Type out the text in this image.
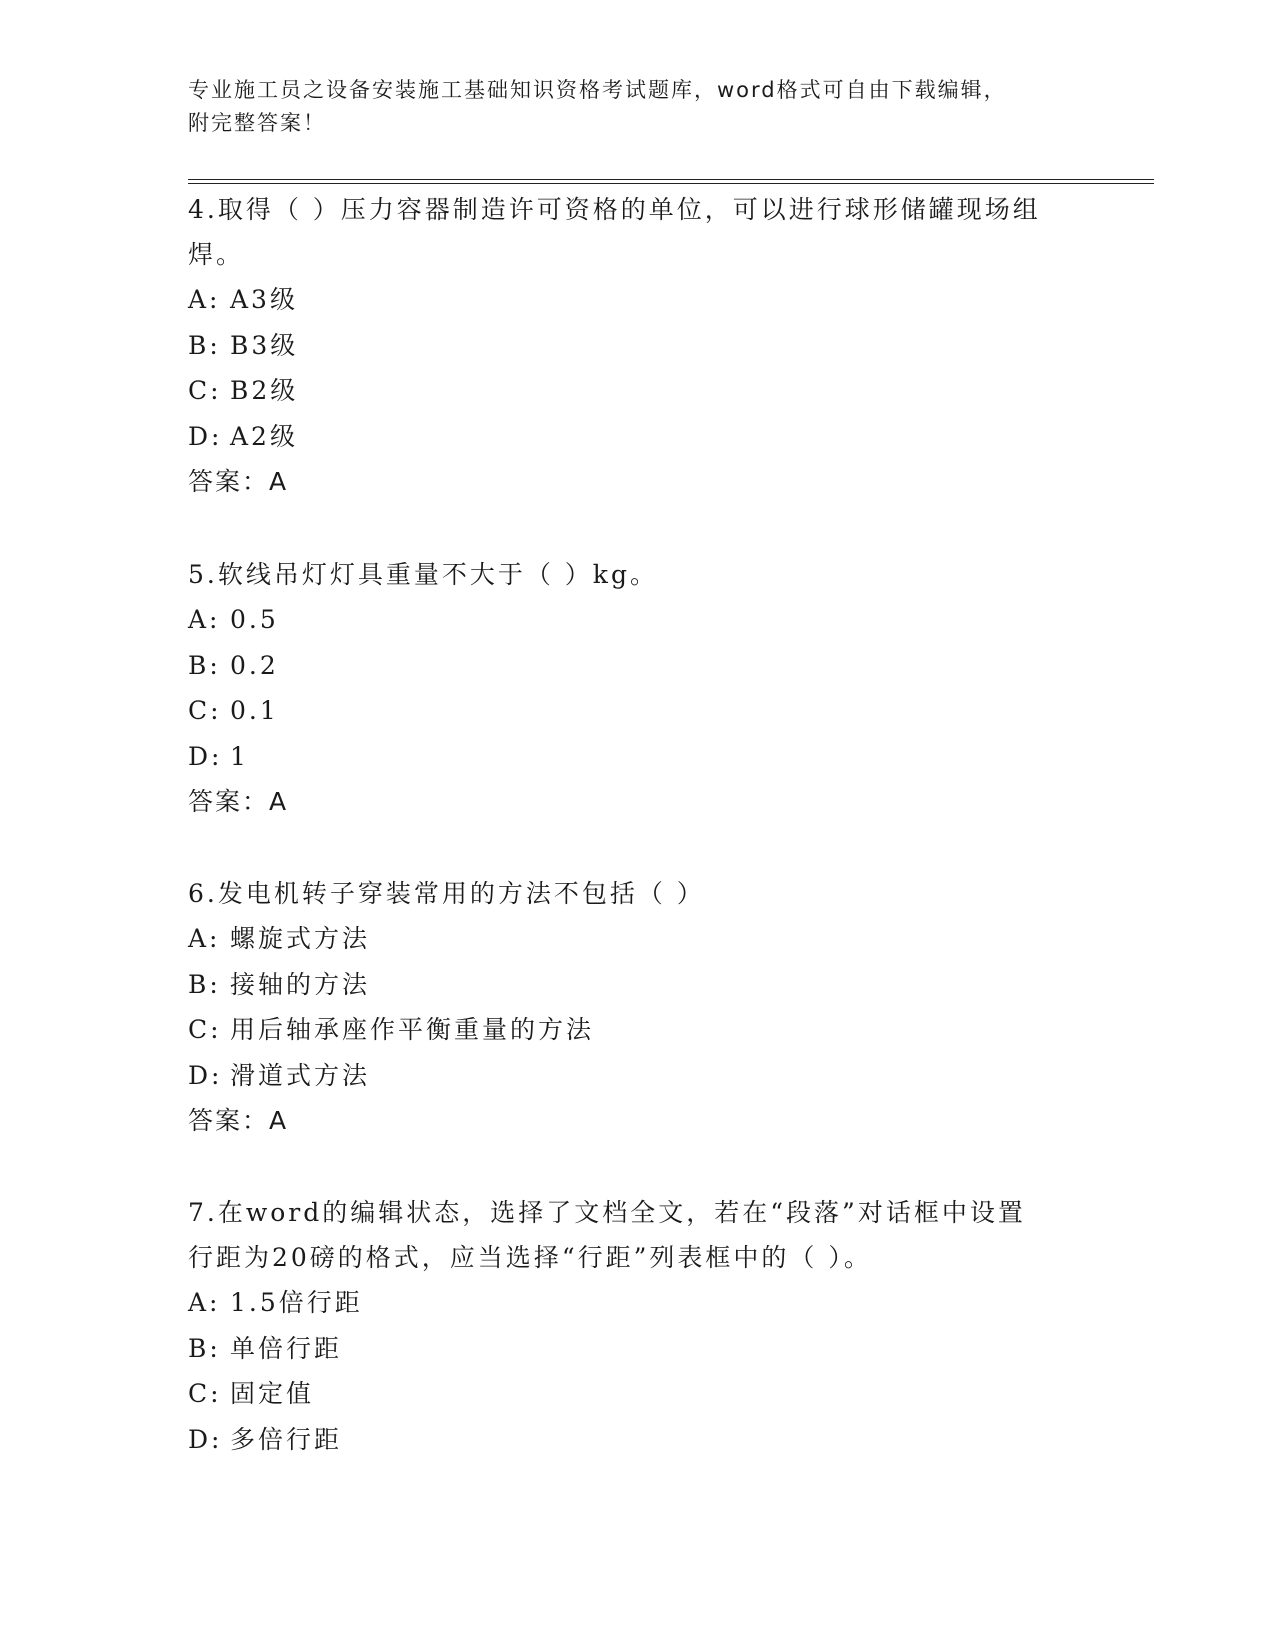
专业施工员之设备安装施工基础知识资格考试题库，word格式可自由下载编辑，
附完整答案！

4.取得（ ）压力容器制造许可资格的单位，可以进行球形储罐现场组
焊。

A: A3级
B: B3级
C: B2级
D: A2级
答案：A

5.软线吊灯灯具重量不大于（ ）kg。

A: 0.5
B: 0.2
C: 0.1
D: 1
答案：A

6.发电机转子穿装常用的方法不包括（ ）

A: 螺旋式方法
B: 接轴的方法
C: 用后轴承座作平衡重量的方法
D: 滑道式方法
答案：A

7.在word的编辑状态，选择了文档全文，若在“段落”对话框中设置
行距为20磅的格式，应当选择“行距”列表框中的（ ）。

A: 1.5倍行距
B: 单倍行距
C: 固定值
D: 多倍行距
